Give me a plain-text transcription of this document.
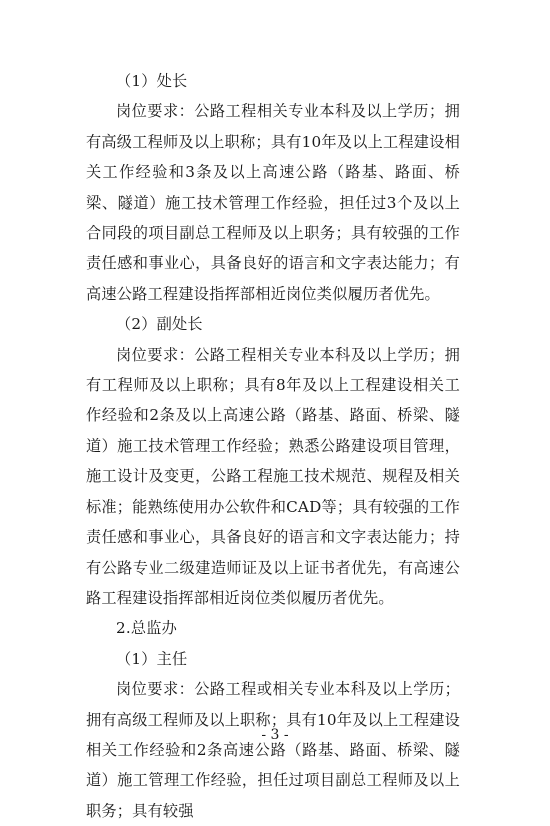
（1）处长

岗位要求：公路工程相关专业本科及以上学历；拥有高级工程师及以上职称；具有10年及以上工程建设相关工作经验和3条及以上高速公路（路基、路面、桥梁、隧道）施工技术管理工作经验，担任过3个及以上合同段的项目副总工程师及以上职务；具有较强的工作责任感和事业心，具备良好的语言和文字表达能力；有高速公路工程建设指挥部相近岗位类似履历者优先。

（2）副处长

岗位要求：公路工程相关专业本科及以上学历；拥有工程师及以上职称；具有8年及以上工程建设相关工作经验和2条及以上高速公路（路基、路面、桥梁、隧道）施工技术管理工作经验；熟悉公路建设项目管理，施工设计及变更，公路工程施工技术规范、规程及相关标准；能熟练使用办公软件和CAD等；具有较强的工作责任感和事业心，具备良好的语言和文字表达能力；持有公路专业二级建造师证及以上证书者优先，有高速公路工程建设指挥部相近岗位类似履历者优先。

2.总监办

（1）主任

岗位要求：公路工程或相关专业本科及以上学历；拥有高级工程师及以上职称；具有10年及以上工程建设相关工作经验和2条高速公路（路基、路面、桥梁、隧道）施工管理工作经验，担任过项目副总工程师及以上职务；具有较强

- 3 -
